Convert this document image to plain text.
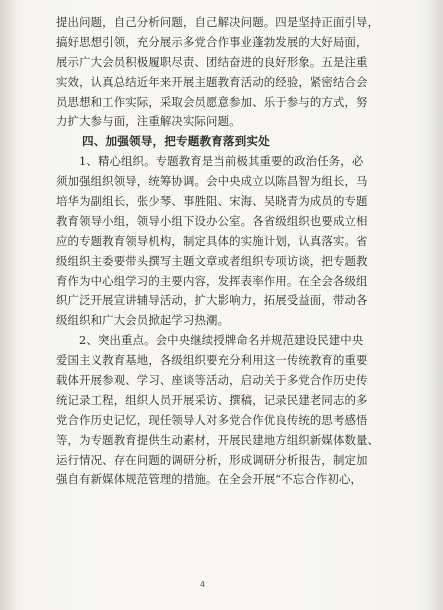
提出问题，自己分析问题，自己解决问题。四是坚持正面引导，
搞好思想引领，充分展示多党合作事业蓬勃发展的大好局面，
展示广大会员积极履职尽责、团结奋进的良好形象。五是注重
实效，认真总结近年来开展主题教育活动的经验，紧密结合会
员思想和工作实际，采取会员愿意参加、乐于参与的方式，努
力扩大参与面，注重解决实际问题。
四、加强领导，把专题教育落到实处
1、精心组织。专题教育是当前极其重要的政治任务，必
须加强组织领导，统筹协调。会中央成立以陈昌智为组长，马
培华为副组长，张少琴、事胜阻、宋海、吴晓青为成员的专题
教育领导小组，领导小组下设办公室。各省级组织也要成立相
应的专题教育领导机构，制定具体的实施计划，认真落实。省
级组织主委要带头撰写主题文章或者组织专项访谈，把专题教
育作为中心组学习的主要内容，发挥表率作用。在全会各级组
织广泛开展宣讲辅导活动，扩大影响力，拓展受益面，带动各
级组织和广大会员掀起学习热潮。
2、突出重点。会中央继续授牌命名并规范建设民建中央
爱国主义教育基地，各级组织要充分利用这一传统教育的重要
载体开展参观、学习、座谈等活动，启动关于多党合作历史传
统记录工程，组织人员开展采访、撰稿，记录民建老同志的多
党合作历史记忆，现任领导人对多党合作优良传统的思考感悟
等，为专题教育提供生动素材，开展民建地方组织新媒体数量、
运行情况、存在问题的调研分析，形成调研分析报告，制定加
强自有新媒体规范管理的措施。在全会开展“不忘合作初心，
4
